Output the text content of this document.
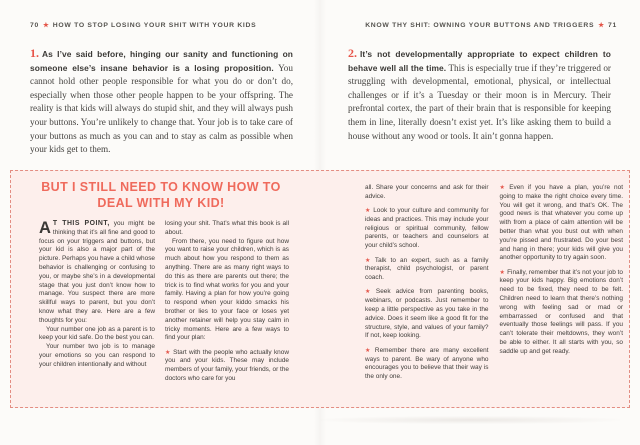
70 ★ HOW TO STOP LOSING YOUR SHIT WITH YOUR KIDS	KNOW THY SHIT: OWNING YOUR BUTTONS AND TRIGGERS ★ 71
1. As I’ve said before, hinging our sanity and functioning on someone else’s insane behavior is a losing proposition. You cannot hold other people responsible for what you do or don’t do, especially when those other people happen to be your offspring. The reality is that kids will always do stupid shit, and they will always push your buttons. You’re unlikely to change that. Your job is to take care of your buttons as much as you can and to stay as calm as possible when your kids get to them.
2. It’s not developmentally appropriate to expect children to behave well all the time. This is especially true if they’re triggered or struggling with developmental, emotional, physical, or intellectual challenges or if it’s a Tuesday or their moon is in Mercury. Their prefrontal cortex, the part of their brain that is responsible for keeping them in line, literally doesn’t exist yet. It’s like asking them to build a house without any wood or tools. It ain’t gonna happen.
BUT I STILL NEED TO KNOW HOW TO
DEAL WITH MY KID!

A T THIS POINT, you might be thinking that it’s all fine and good to focus on your triggers and buttons, but your kid is also a major part of the picture. Perhaps you have a child whose behavior is challenging or confusing to you, or maybe she’s in a developmental stage that you just don’t know how to manage. You suspect there are more skillful ways to parent, but you don’t know what they are. Here are a few thoughts for you:

Your number one job as a parent is to keep your kid safe. Do the best you can.

Your number two job is to manage your emotions so you can respond to your children intentionally and without

losing your shit. That’s what this book is all about.

From there, you need to figure out how you want to raise your children, which is as much about how you respond to them as anything. There are as many right ways to do this as there are parents out there; the trick is to find what works for you and your family. Having a plan for how you’re going to respond when your kiddo smacks his brother or lies to your face or loses yet another retainer will help you stay calm in tricky moments. Here are a few ways to find your plan:

★ Start with the people who actually know you and your kids. These may include members of your family, your friends, or the doctors who care for you

all. Share your concerns and ask for their advice.

★ Look to your culture and community for ideas and practices. This may include your religious or spiritual community, fellow parents, or teachers and counselors at your child’s school.

★ Talk to an expert, such as a family therapist, child psychologist, or parent coach.

★ Seek advice from parenting books, webinars, or podcasts. Just remember to keep a little perspective as you take in the advice. Does it seem like a good fit for the structure, style, and values of your family? If not, keep looking.

★ Remember there are many excellent ways to parent. Be wary of anyone who encourages you to believe that their way is the only one.

★ Even if you have a plan, you’re not going to make the right choice every time. You will get it wrong, and that’s OK. The good news is that whatever you come up with from a place of calm attention will be better than what you bust out with when you’re pissed and frustrated. Do your best and hang in there; your kids will give you another opportunity to try again soon.

★ Finally, remember that it’s not your job to keep your kids happy. Big emotions don’t need to be fixed, they need to be felt. Children need to learn that there’s nothing wrong with feeling sad or mad or embarrassed or confused and that eventually those feelings will pass. If you can’t tolerate their meltdowns, they won’t be able to either. It all starts with you, so saddle up and get ready.
